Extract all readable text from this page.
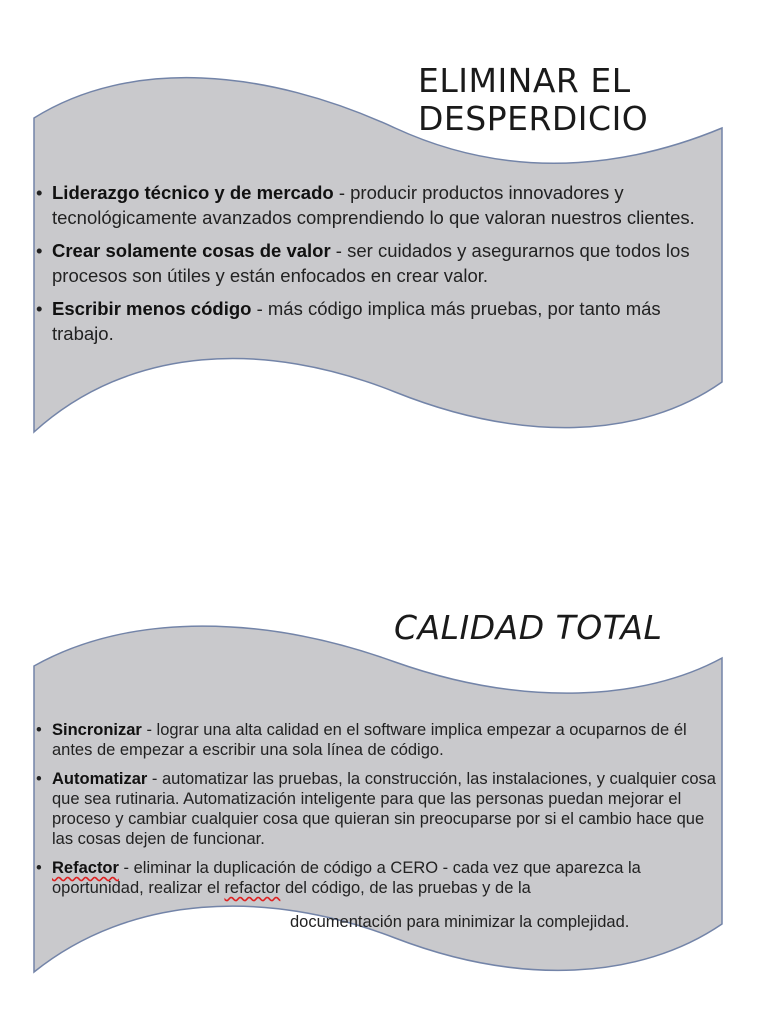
ELIMINAR EL
DESPERDICIO
• Liderazgo técnico y de mercado - producir productos innovadores y tecnológicamente avanzados comprendiendo lo que valoran nuestros clientes.
• Crear solamente cosas de valor - ser cuidados y asegurarnos que todos los procesos son útiles y están enfocados en crear valor.
• Escribir menos código - más código implica más pruebas, por tanto más trabajo.
CALIDAD TOTAL
• Sincronizar - lograr una alta calidad en el software implica empezar a ocuparnos de él antes de empezar a escribir una sola línea de código.
• Automatizar - automatizar las pruebas, la construcción, las instalaciones, y cualquier cosa que sea rutinaria. Automatización inteligente para que las personas puedan mejorar el proceso y cambiar cualquier cosa que quieran sin preocuparse por si el cambio hace que las cosas dejen de funcionar.
• Refactor - eliminar la duplicación de código a CERO - cada vez que aparezca la oportunidad, realizar el refactor del código, de las pruebas y de la
documentación para minimizar la complejidad.
